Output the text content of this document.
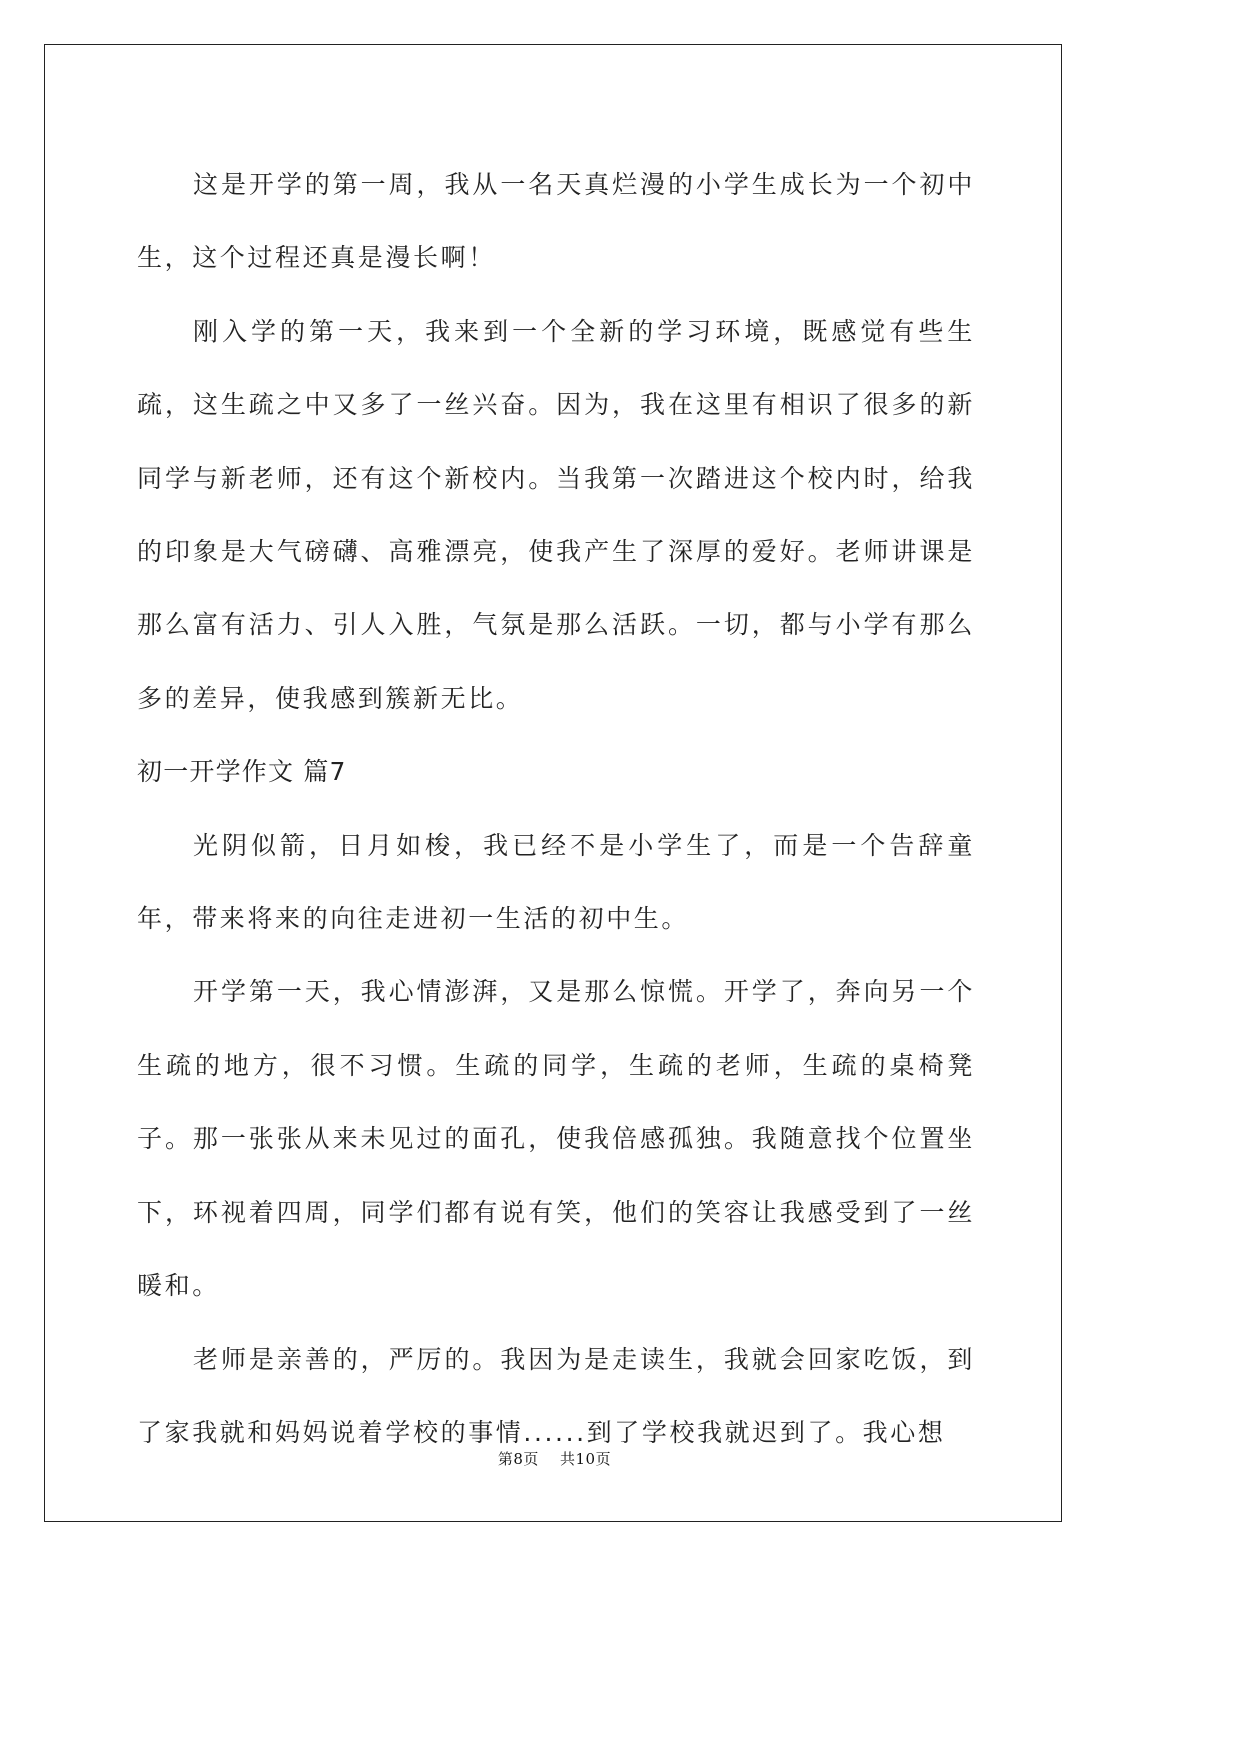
这是开学的第一周，我从一名天真烂漫的小学生成长为一个初中生，这个过程还真是漫长啊！

刚入学的第一天，我来到一个全新的学习环境，既感觉有些生疏，这生疏之中又多了一丝兴奋。因为，我在这里有相识了很多的新同学与新老师，还有这个新校内。当我第一次踏进这个校内时，给我的印象是大气磅礴、高雅漂亮，使我产生了深厚的爱好。老师讲课是那么富有活力、引人入胜，气氛是那么活跃。一切，都与小学有那么多的差异，使我感到簇新无比。

初一开学作文 篇7

光阴似箭，日月如梭，我已经不是小学生了，而是一个告辞童年，带来将来的向往走进初一生活的初中生。

开学第一天，我心情澎湃，又是那么惊慌。开学了，奔向另一个生疏的地方，很不习惯。生疏的同学，生疏的老师，生疏的桌椅凳子。那一张张从来未见过的面孔，使我倍感孤独。我随意找个位置坐下，环视着四周，同学们都有说有笑，他们的笑容让我感受到了一丝暖和。

老师是亲善的，严厉的。我因为是走读生，我就会回家吃饭，到了家我就和妈妈说着学校的事情......到了学校我就迟到了。我心想

第8页 共10页
